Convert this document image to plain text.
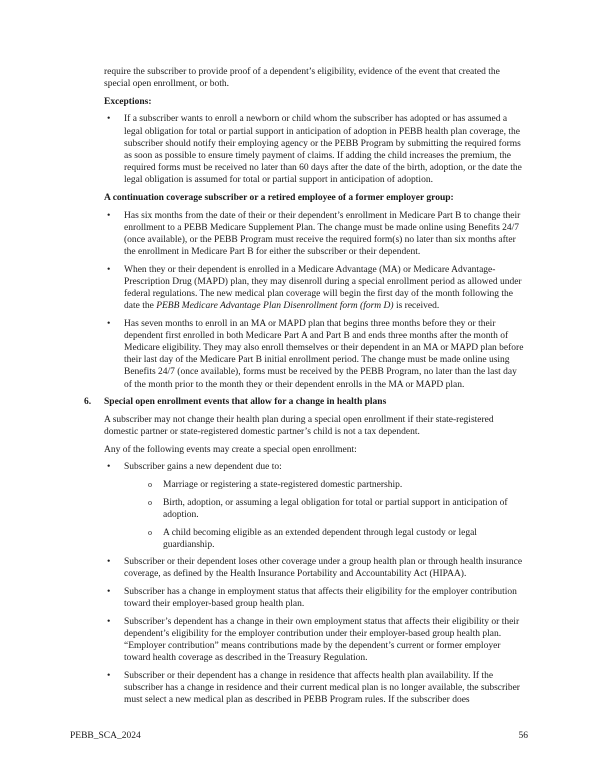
require the subscriber to provide proof of a dependent’s eligibility, evidence of the event that created the special open enrollment, or both.
Exceptions:
•	If a subscriber wants to enroll a newborn or child whom the subscriber has adopted or has assumed a legal obligation for total or partial support in anticipation of adoption in PEBB health plan coverage, the subscriber should notify their employing agency or the PEBB Program by submitting the required forms as soon as possible to ensure timely payment of claims. If adding the child increases the premium, the required forms must be received no later than 60 days after the date of the birth, adoption, or the date the legal obligation is assumed for total or partial support in anticipation of adoption.
A continuation coverage subscriber or a retired employee of a former employer group:
•	Has six months from the date of their or their dependent’s enrollment in Medicare Part B to change their enrollment to a PEBB Medicare Supplement Plan. The change must be made online using Benefits 24/7 (once available), or the PEBB Program must receive the required form(s) no later than six months after the enrollment in Medicare Part B for either the subscriber or their dependent.
•	When they or their dependent is enrolled in a Medicare Advantage (MA) or Medicare Advantage-Prescription Drug (MAPD) plan, they may disenroll during a special enrollment period as allowed under federal regulations. The new medical plan coverage will begin the first day of the month following the date the PEBB Medicare Advantage Plan Disenrollment form (form D) is received.
•	Has seven months to enroll in an MA or MAPD plan that begins three months before they or their dependent first enrolled in both Medicare Part A and Part B and ends three months after the month of Medicare eligibility. They may also enroll themselves or their dependent in an MA or MAPD plan before their last day of the Medicare Part B initial enrollment period. The change must be made online using Benefits 24/7 (once available), forms must be received by the PEBB Program, no later than the last day of the month prior to the month they or their dependent enrolls in the MA or MAPD plan.
6.	Special open enrollment events that allow for a change in health plans
A subscriber may not change their health plan during a special open enrollment if their state-registered domestic partner or state-registered domestic partner’s child is not a tax dependent.
Any of the following events may create a special open enrollment:
•	Subscriber gains a new dependent due to:
o	Marriage or registering a state-registered domestic partnership.
o	Birth, adoption, or assuming a legal obligation for total or partial support in anticipation of adoption.
o	A child becoming eligible as an extended dependent through legal custody or legal guardianship.
•	Subscriber or their dependent loses other coverage under a group health plan or through health insurance coverage, as defined by the Health Insurance Portability and Accountability Act (HIPAA).
•	Subscriber has a change in employment status that affects their eligibility for the employer contribution toward their employer-based group health plan.
•	Subscriber’s dependent has a change in their own employment status that affects their eligibility or their dependent’s eligibility for the employer contribution under their employer-based group health plan. “Employer contribution” means contributions made by the dependent’s current or former employer toward health coverage as described in the Treasury Regulation.
•	Subscriber or their dependent has a change in residence that affects health plan availability. If the subscriber has a change in residence and their current medical plan is no longer available, the subscriber must select a new medical plan as described in PEBB Program rules. If the subscriber does
PEBB_SCA_2024	56
